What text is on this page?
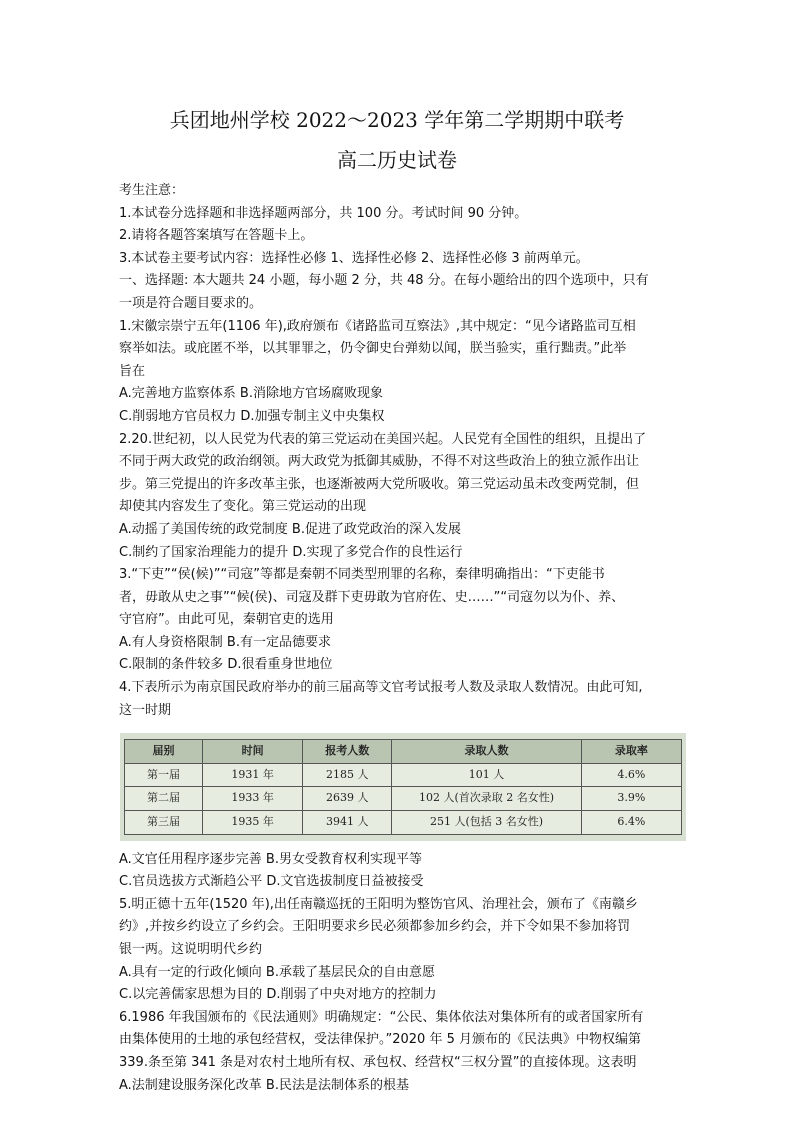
兵团地州学校 2022～2023 学年第二学期期中联考
高二历史试卷

考生注意：

1.本试卷分选择题和非选择题两部分，共 100 分。考试时间 90 分钟。

2.请将各题答案填写在答题卡上。

3.本试卷主要考试内容：选择性必修 1、选择性必修 2、选择性必修 3 前两单元。

一、选择题: 本大题共 24 小题，每小题 2 分，共 48 分。在每小题给出的四个选项中，只有

一项是符合题目要求的。

1.宋徽宗崇宁五年(1106 年),政府颁布《诸路监司互察法》,其中规定：“见今诸路监司互相

察举如法。或庇匿不举，以其罪罪之，仍令御史台弹劾以闻，朕当验实，重行黜责。”此举

旨在

A.完善地方监察体系 B.消除地方官场腐败现象

C.削弱地方官员权力 D.加强专制主义中央集权

2.20.世纪初，以人民党为代表的第三党运动在美国兴起。人民党有全国性的组织，且提出了

不同于两大政党的政治纲领。两大政党为抵御其威胁，不得不对这些政治上的独立派作出让

步。第三党提出的许多改革主张，也逐渐被两大党所吸收。第三党运动虽未改变两党制，但

却使其内容发生了变化。第三党运动的出现

A.动摇了美国传统的政党制度 B.促进了政党政治的深入发展

C.制约了国家治理能力的提升 D.实现了多党合作的良性运行

3.“下吏”“侯(候)”“司寇”等都是秦朝不同类型刑罪的名称，秦律明确指出：“下吏能书

者，毋敢从史之事”“候(侯)、司寇及群下吏毋敢为官府佐、史……”“司寇勿以为仆、养、

守官府”。由此可见，秦朝官吏的选用

A.有人身资格限制 B.有一定品德要求

C.限制的条件较多 D.很看重身世地位

4.下表所示为南京国民政府举办的前三届高等文官考试报考人数及录取人数情况。由此可知,

这一时期

届别	时间	报考人数	录取人数	录取率
第一届	1931 年	2185 人	101 人	4.6%
第二届	1933 年	2639 人	102 人(首次录取 2 名女性)	3.9%
第三届	1935 年	3941 人	251 人(包括 3 名女性)	6.4%

A.文官任用程序逐步完善 B.男女受教育权利实现平等

C.官员选拔方式渐趋公平 D.文官选拔制度日益被接受

5.明正德十五年(1520 年),出任南赣巡抚的王阳明为整饬官风、治理社会，颁布了《南赣乡

约》,并按乡约设立了乡约会。王阳明要求乡民必须都参加乡约会，并下令如果不参加将罚

银一两。这说明明代乡约

A.具有一定的行政化倾向 B.承载了基层民众的自由意愿

C.以完善儒家思想为目的 D.削弱了中央对地方的控制力

6.1986 年我国颁布的《民法通则》明确规定：“公民、集体依法对集体所有的或者国家所有

由集体使用的土地的承包经营权，受法律保护。”2020 年 5 月颁布的《民法典》中物权编第

339.条至第 341 条是对农村土地所有权、承包权、经营权“三权分置”的直接体现。这表明

A.法制建设服务深化改革 B.民法是法制体系的根基
